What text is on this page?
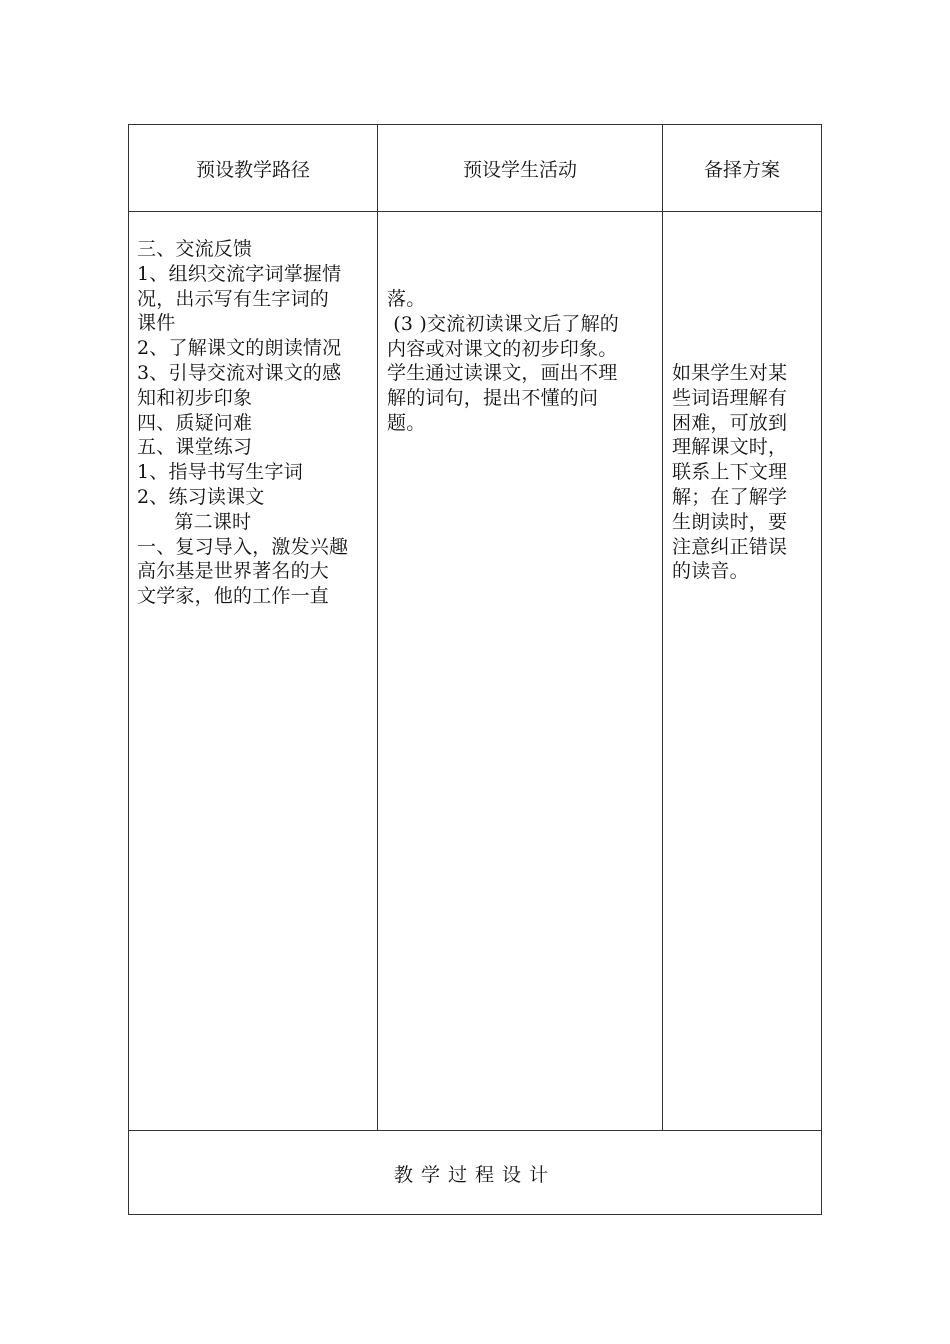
预设教学路径	预设学生活动	备择方案
三、交流反馈
1、组织交流字词掌握情
况，出示写有生字词的
课件
2、了解课文的朗读情况
3、引导交流对课文的感
知和初步印象
四、质疑问难
五、课堂练习
1、指导书写生字词
2、练习读课文
第二课时
一、复习导入，激发兴趣
高尔基是世界著名的大
文学家，他的工作一直
落。
(3 )交流初读课文后了解的
内容或对课文的初步印象。
学生通过读课文，画出不理
解的词句，提出不懂的问
题。
如果学生对某
些词语理解有
困难，可放到
理解课文时，
联系上下文理
解；在了解学
生朗读时，要
注意纠正错误
的读音。
教学过程设计
